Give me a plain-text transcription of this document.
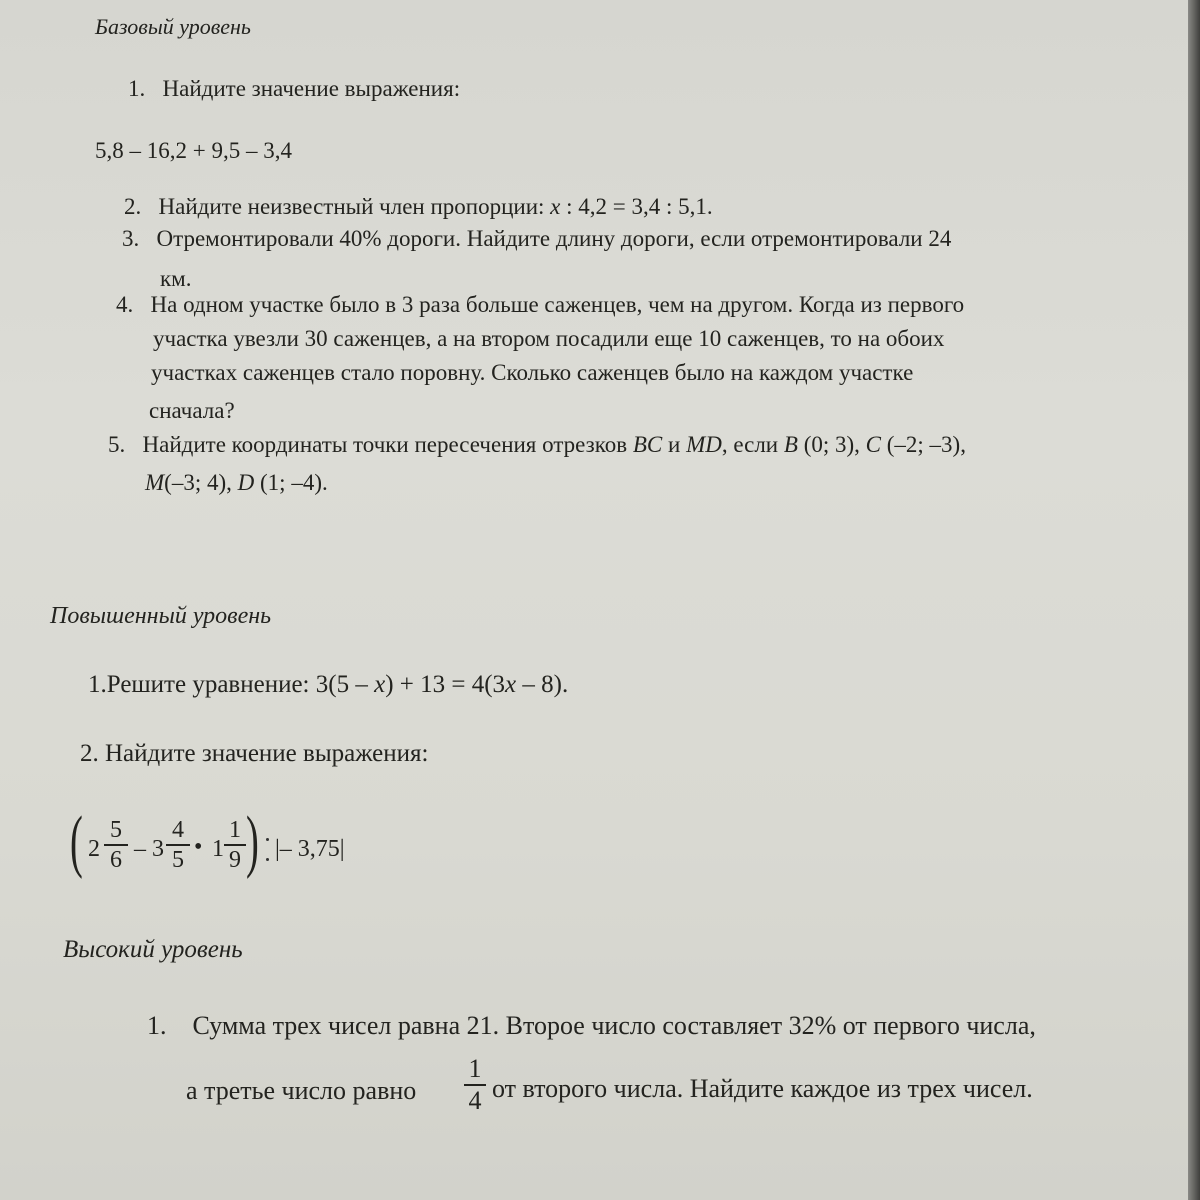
Базовый уровень
1. Найдите значение выражения:
5,8 – 16,2 + 9,5 – 3,4
2. Найдите неизвестный член пропорции: x : 4,2 = 3,4 : 5,1.
3. Отремонтировали 40% дороги. Найдите длину дороги, если отремонтировали 24
км.
4. На одном участке было в 3 раза больше саженцев, чем на другом. Когда из первого
участка увезли 30 саженцев, а на втором посадили еще 10 саженцев, то на обоих
участках саженцев стало поровну. Сколько саженцев было на каждом участке
сначала?
5. Найдите координаты точки пересечения отрезков BC и MD, если B (0; 3), C (–2; –3),
M(–3; 4), D (1; –4).
Повышенный уровень
1.Решите уравнение: 3(5 – x) + 13 = 4(3x – 8).
2. Найдите значение выражения:
( 2
5
6 – 3
4
5 • 1
1
9 ) |– 3,75|
Высокий уровень
1. Сумма трех чисел равна 21. Второе число составляет 32% от первого числа,
а третье число равно
1
4 от второго числа. Найдите каждое из трех чисел.
